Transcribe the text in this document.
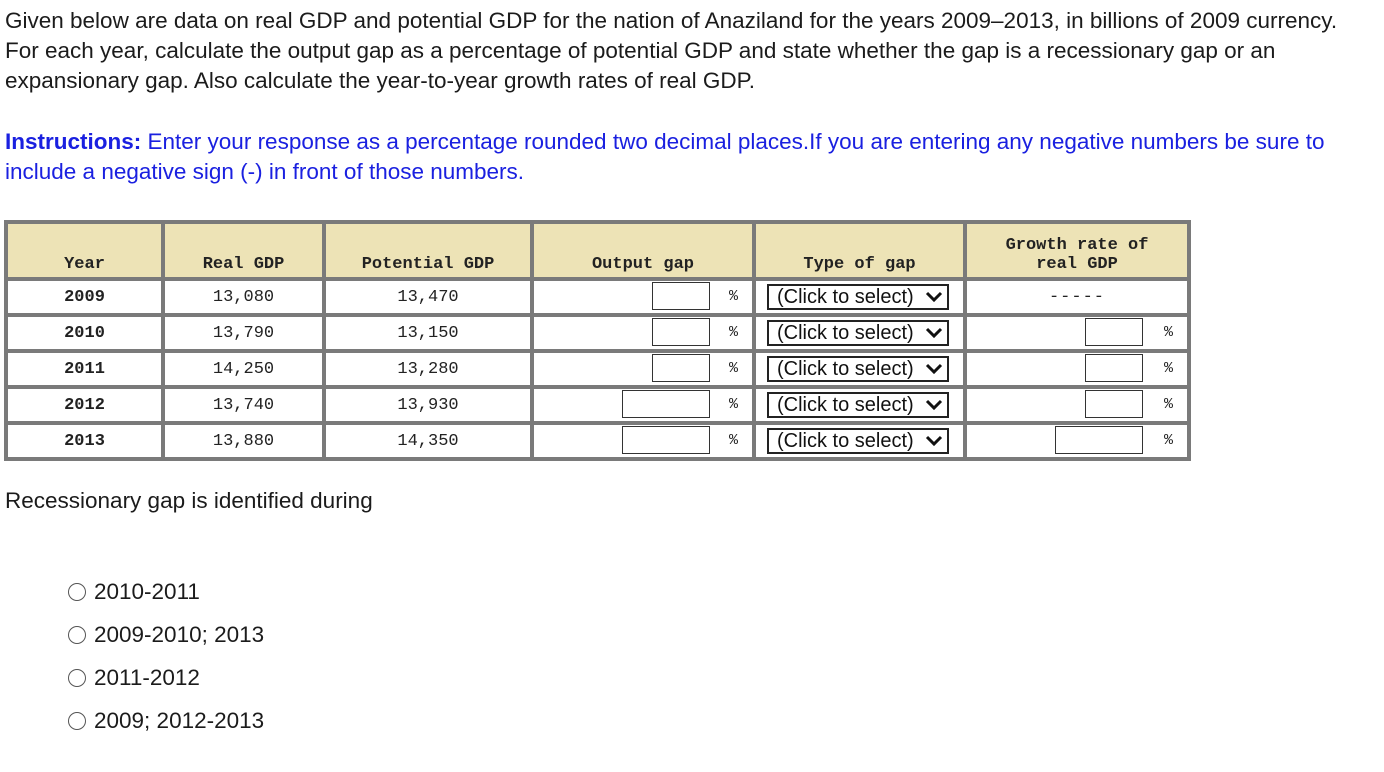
Given below are data on real GDP and potential GDP for the nation of Anaziland for the years 2009–2013, in billions of 2009 currency. For each year, calculate the output gap as a percentage of potential GDP and state whether the gap is a recessionary gap or an expansionary gap. Also calculate the year-to-year growth rates of real GDP.

Instructions: Enter your response as a percentage rounded two decimal places.If you are entering any negative numbers be sure to include a negative sign (-) in front of those numbers.

Year	Real GDP	Potential GDP	Output gap	Type of gap	Growth rate of
real GDP
2009	13,080	13,470	%	(Click to select)	-----
2010	13,790	13,150	%	(Click to select)	%

2011	14,250	13,280	%	(Click to select)	%

2012	13,740	13,930	%	(Click to select)	%

2013	13,880	14,350	%	(Click to select)	%

Recessionary gap is identified during

2010-2011
2009-2010; 2013
2011-2012
2009; 2012-2013
